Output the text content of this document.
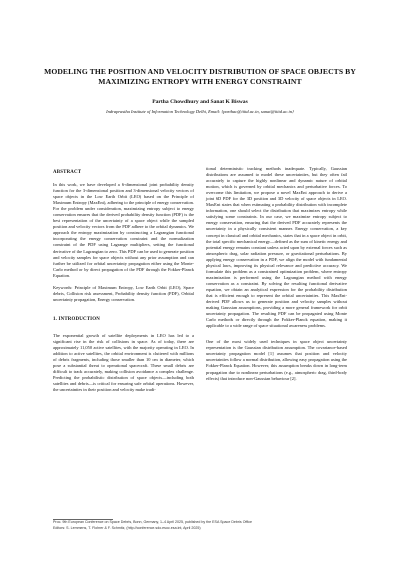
MODELING THE POSITION AND VELOCITY DISTRIBUTION OF SPACE OBJECTS BY
MAXIMIZING ENTROPY WITH ENERGY CONSTRAINT
Partha Chowdhury and Sanat K Biswas
Indraprastha Institute of Information Technology Delhi, Email: {parthac@iiitd.ac.in, sanat@iiitd.ac.in}
ABSTRACT

In this work, we have developed a 6-dimensional joint probability density function for the 3-dimensional position and 3-dimensional velocity vectors of space objects in the Low Earth Orbit (LEO) based on the Principle of Maximum Entropy (MaxEnt), adhering to the principle of energy conservation. For the problem under consideration, maximizing entropy subject to energy conservation ensures that the derived probability density function (PDF) is the best representation of the uncertainty of a space object while the sampled position and velocity vectors from the PDF adhere to the orbital dynamics. We approach the entropy maximization by constructing a Lagrangian functional incorporating the energy conservation constraint and the normalization constraint of the PDF using Lagrange multipliers, setting the functional derivative of the Lagrangian to zero. This PDF can be used to generate position and velocity samples for space objects without any prior assumption and can further be utilized for orbital uncertainty propagation either using the Monte-Carlo method or by direct propagation of the PDF through the Fokker-Planck Equation.

Keywords: Principle of Maximum Entropy, Low Earth Orbit (LEO), Space debris, Collision risk assessment, Probability density function (PDF), Orbital uncertainty propagation, Energy conservation.

1. INTRODUCTION

The exponential growth of satellite deployments in LEO has led to a significant rise in the risk of collisions in space. As of today, there are approximately 11,050 active satellites, with the majority operating in LEO. In addition to active satellites, the orbital environment is cluttered with millions of debris fragments, including those smaller than 10 cm in diameter, which pose a substantial threat to operational spacecraft. These small debris are difficult to track accurately, making collision avoidance a complex challenge. Predicting the probabilistic distribution of space objects—including both satellites and debris—is critical for ensuring safe orbital operations. However, the uncertainties in their position and velocity make tradi-

tional deterministic tracking methods inadequate. Typically, Gaussian distributions are assumed to model these uncertainties, but they often fail accurately to capture the highly nonlinear and dynamic nature of orbital motion, which is governed by orbital mechanics and perturbative forces. To overcome this limitation, we propose a novel MaxEnt approach to derive a joint 6D PDF for the 3D position and 3D velocity of space objects in LEO. MaxEnt states that when estimating a probability distribution with incomplete information, one should select the distribution that maximizes entropy while satisfying some constraints. In our case, we maximize entropy subject to energy conservation, ensuring that the derived PDF accurately represents the uncertainty in a physically consistent manner. Energy conservation, a key concept in classical and orbital mechanics, states that in a space object in orbit, the total specific mechanical energy—defined as the sum of kinetic energy and potential energy remains constant unless acted upon by external forces such as atmospheric drag, solar radiation pressure, or gravitational perturbations. By applying energy conservation in a PDF, we align the model with fundamental physical laws, improving its physical relevance and predictive accuracy. We formulate this problem as a constrained optimization problem, where entropy maximization is performed using the Lagrangian method with energy conservation as a constraint. By solving the resulting functional derivative equation, we obtain an analytical expression for the probability distribution that is efficient enough to represent the orbital uncertainties. This MaxEnt-derived PDF allows us to generate position and velocity samples without making Gaussian assumptions, providing a more general framework for orbit uncertainty propagation. The resulting PDF can be propagated using Monte Carlo methods or directly through the Fokker-Planck equation, making it applicable to a wide range of space situational awareness problems.

One of the most widely used techniques in space object uncertainty representation is the Gaussian distribution assumption. The covariance-based uncertainty propagation model [1] assumes that position and velocity uncertainties follow a normal distribution, allowing easy propagation using the Fokker-Planck Equation. However, this assumption breaks down in long-term propagation due to nonlinear perturbations (e.g., atmospheric drag, third-body effects) that introduce non-Gaussian behaviour [2].

Proc. 9th European Conference on Space Debris, Bonn, Germany, 1–4 April 2025, published by the ESA Space Debris Office
Editors: S. Lemmens, T. Flohrer & F. Schmitz, (http://conference.sdo.esoc.esa.int, April 2025)
